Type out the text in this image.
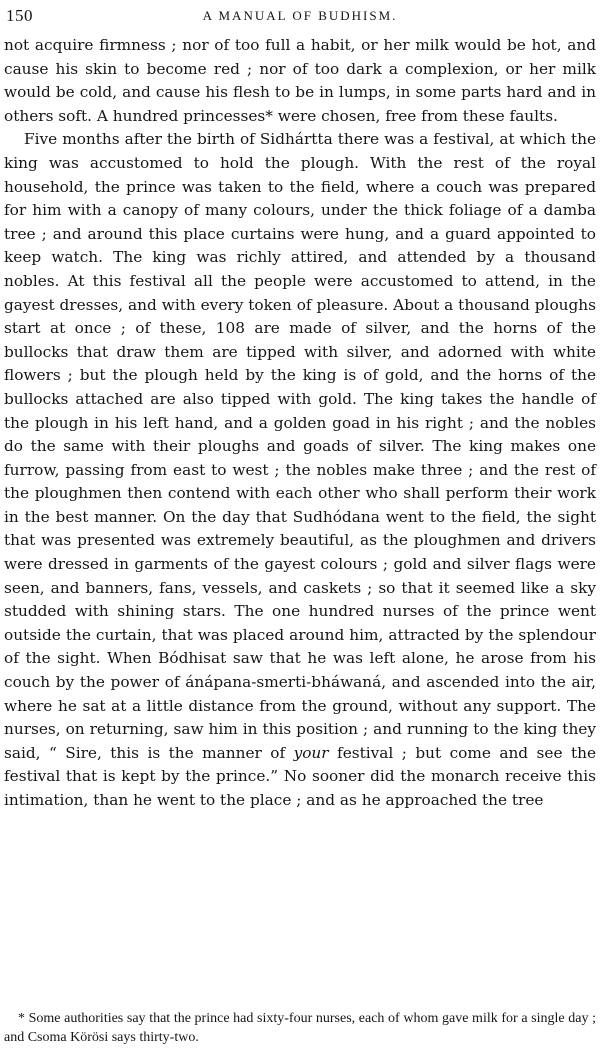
150	A MANUAL OF BUDHISM.

not acquire firmness ; nor of too full a habit, or her milk would be hot, and cause his skin to become red ; nor of too dark a complexion, or her milk would be cold, and cause his flesh to be in lumps, in some parts hard and in others soft. A hundred princesses* were chosen, free from these faults.

Five months after the birth of Sidhártta there was a festival, at which the king was accustomed to hold the plough. With the rest of the royal household, the prince was taken to the field, where a couch was prepared for him with a canopy of many colours, under the thick foliage of a damba tree ; and around this place curtains were hung, and a guard appointed to keep watch. The king was richly attired, and attended by a thousand nobles. At this festival all the people were accustomed to attend, in the gayest dresses, and with every token of pleasure. About a thousand ploughs start at once ; of these, 108 are made of silver, and the horns of the bullocks that draw them are tipped with silver, and adorned with white flowers ; but the plough held by the king is of gold, and the horns of the bullocks attached are also tipped with gold. The king takes the handle of the plough in his left hand, and a golden goad in his right ; and the nobles do the same with their ploughs and goads of silver. The king makes one furrow, passing from east to west ; the nobles make three ; and the rest of the ploughmen then contend with each other who shall perform their work in the best manner. On the day that Sudhódana went to the field, the sight that was presented was extremely beautiful, as the ploughmen and drivers were dressed in garments of the gayest colours ; gold and silver flags were seen, and banners, fans, vessels, and caskets ; so that it seemed like a sky studded with shining stars. The one hundred nurses of the prince went outside the curtain, that was placed around him, attracted by the splendour of the sight. When Bódhisat saw that he was left alone, he arose from his couch by the power of ánápana-smerti-bháwaná, and ascended into the air, where he sat at a little distance from the ground, without any support. The nurses, on returning, saw him in this position ; and running to the king they said, “ Sire, this is the manner of your festival ; but come and see the festival that is kept by the prince.” No sooner did the monarch receive this intimation, than he went to the place ; and as he approached the tree

* Some authorities say that the prince had sixty-four nurses, each of whom gave milk for a single day ; and Csoma Körösi says thirty-two.
